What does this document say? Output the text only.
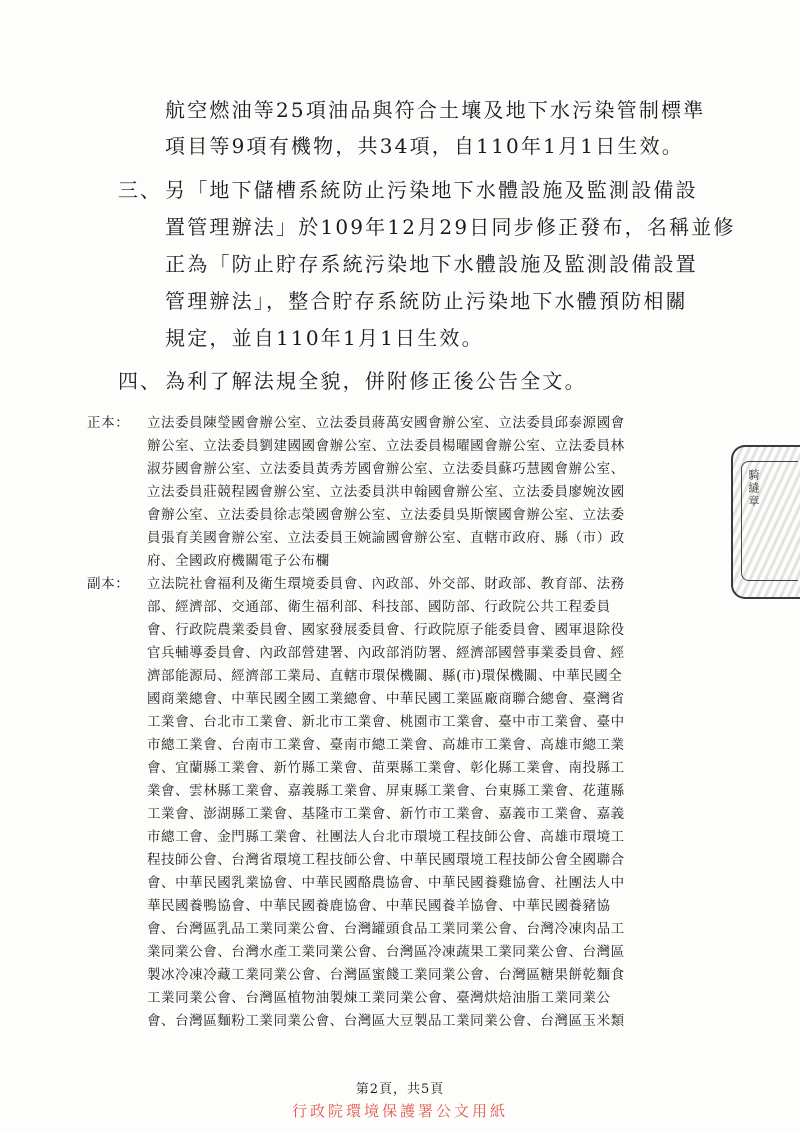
航空燃油等25項油品與符合土壤及地下水污染管制標準
項目等9項有機物，共34項，自110年1月1日生效。
三、 另「地下儲槽系統防止污染地下水體設施及監測設備設
置管理辦法」於109年12月29日同步修正發布，名稱並修
正為「防止貯存系統污染地下水體設施及監測設備設置
管理辦法」，整合貯存系統防止污染地下水體預防相關
規定，並自110年1月1日生效。
四、 為利了解法規全貌，併附修正後公告全文。
正本： 立法委員陳瑩國會辦公室、立法委員蔣萬安國會辦公室、立法委員邱泰源國會
辦公室、立法委員劉建國國會辦公室、立法委員楊曜國會辦公室、立法委員林
淑芬國會辦公室、立法委員黃秀芳國會辦公室、立法委員蘇巧慧國會辦公室、
立法委員莊競程國會辦公室、立法委員洪申翰國會辦公室、立法委員廖婉汝國
會辦公室、立法委員徐志榮國會辦公室、立法委員吳斯懷國會辦公室、立法委
員張育美國會辦公室、立法委員王婉諭國會辦公室、直轄市政府、縣（市）政
府、全國政府機關電子公布欄
副本： 立法院社會福利及衛生環境委員會、內政部、外交部、財政部、教育部、法務
部、經濟部、交通部、衛生福利部、科技部、國防部、行政院公共工程委員
會、行政院農業委員會、國家發展委員會、行政院原子能委員會、國軍退除役
官兵輔導委員會、內政部營建署、內政部消防署、經濟部國營事業委員會、經
濟部能源局、經濟部工業局、直轄市環保機關、縣(市)環保機關、中華民國全
國商業總會、中華民國全國工業總會、中華民國工業區廠商聯合總會、臺灣省
工業會、台北市工業會、新北市工業會、桃園市工業會、臺中市工業會、臺中
市總工業會、台南市工業會、臺南市總工業會、高雄市工業會、高雄市總工業
會、宜蘭縣工業會、新竹縣工業會、苗栗縣工業會、彰化縣工業會、南投縣工
業會、雲林縣工業會、嘉義縣工業會、屏東縣工業會、台東縣工業會、花蓮縣
工業會、澎湖縣工業會、基隆市工業會、新竹市工業會、嘉義市工業會、嘉義
市總工會、金門縣工業會、社團法人台北市環境工程技師公會、高雄市環境工
程技師公會、台灣省環境工程技師公會、中華民國環境工程技師公會全國聯合
會、中華民國乳業協會、中華民國酪農協會、中華民國養雞協會、社團法人中
華民國養鴨協會、中華民國養鹿協會、中華民國養羊協會、中華民國養豬協
會、台灣區乳品工業同業公會、台灣罐頭食品工業同業公會、台灣冷凍肉品工
業同業公會、台灣水產工業同業公會、台灣區冷凍蔬果工業同業公會、台灣區
製冰冷凍冷藏工業同業公會、台灣區蜜餞工業同業公會、台灣區糖果餅乾麵食
工業同業公會、台灣區植物油製煉工業同業公會、臺灣烘焙油脂工業同業公
會、台灣區麵粉工業同業公會、台灣區大豆製品工業同業公會、台灣區玉米類
騎縫章
第2頁，共5頁
行政院環境保護署公文用紙
